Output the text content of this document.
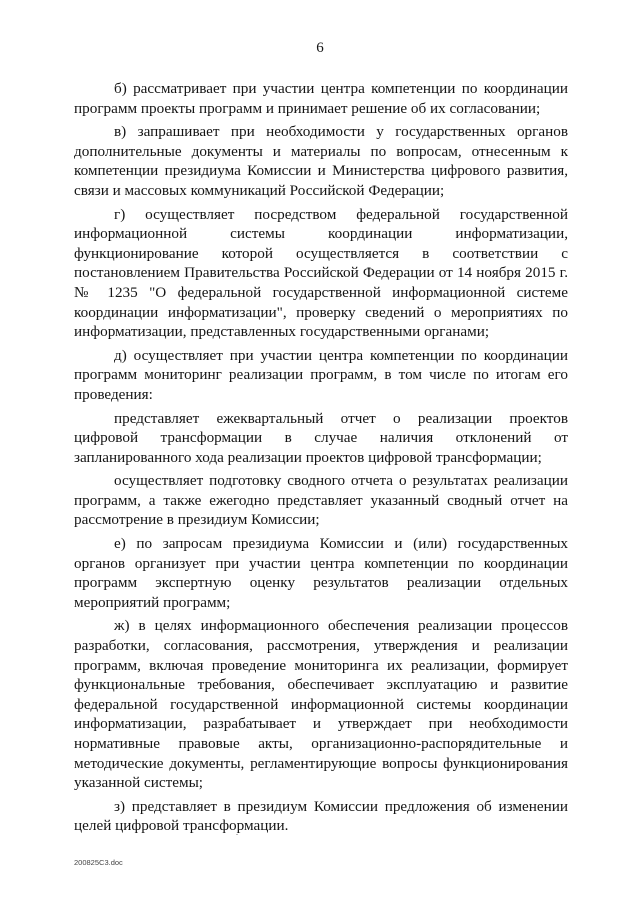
6

б) рассматривает при участии центра компетенции по координации программ проекты программ и принимает решение об их согласовании;

в) запрашивает при необходимости у государственных органов дополнительные документы и материалы по вопросам, отнесенным к компетенции президиума Комиссии и Министерства цифрового развития, связи и массовых коммуникаций Российской Федерации;

г) осуществляет посредством федеральной государственной информационной системы координации информатизации, функционирование которой осуществляется в соответствии с постановлением Правительства Российской Федерации от 14 ноября 2015 г. № 1235 "О федеральной государственной информационной системе координации информатизации", проверку сведений о мероприятиях по информатизации, представленных государственными органами;

д) осуществляет при участии центра компетенции по координации программ мониторинг реализации программ, в том числе по итогам его проведения:

представляет ежеквартальный отчет о реализации проектов цифровой трансформации в случае наличия отклонений от запланированного хода реализации проектов цифровой трансформации;

осуществляет подготовку сводного отчета о результатах реализации программ, а также ежегодно представляет указанный сводный отчет на рассмотрение в президиум Комиссии;

е) по запросам президиума Комиссии и (или) государственных органов организует при участии центра компетенции по координации программ экспертную оценку результатов реализации отдельных мероприятий программ;

ж) в целях информационного обеспечения реализации процессов разработки, согласования, рассмотрения, утверждения и реализации программ, включая проведение мониторинга их реализации, формирует функциональные требования, обеспечивает эксплуатацию и развитие федеральной государственной информационной системы координации информатизации, разрабатывает и утверждает при необходимости нормативные правовые акты, организационно-распорядительные и методические документы, регламентирующие вопросы функционирования указанной системы;

з) представляет в президиум Комиссии предложения об изменении целей цифровой трансформации.

200825С3.doc
